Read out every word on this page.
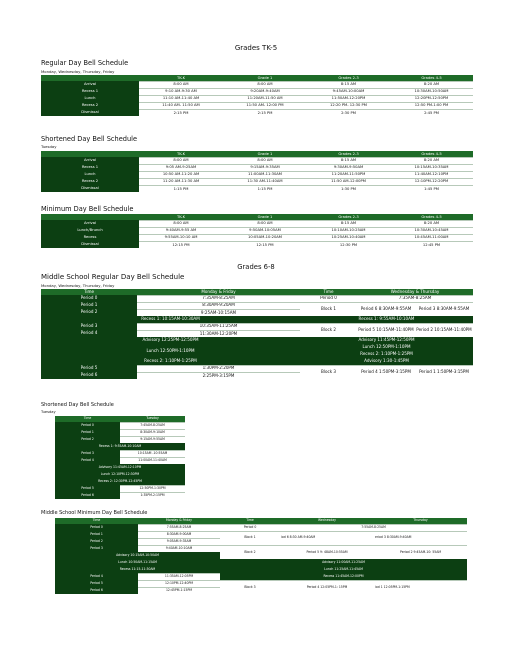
Grades TK-5
Regular Day Bell Schedule
Monday, Wednesday, Thursday, Friday
	TK-K	Grade 1	Grades 2-3	Grades 4-5
Arrival	8:00 AM	8:00 AM	8:15 AM	8:20 AM
Recess 1	9:10 AM-9:30 AM	9:20AM-9:40AM	9:45AM-10:00AM	10:30AM-10:50AM
Lunch	11:10 AM-11:40 AM	11:20AM-11:50 AM	11:50AM-12:20PM	12:20PM-12:50PM
Recess 2	11:40 AM- 11:50 AM	11:50 AM- 12:00 PM	12:20 PM- 12:30 PM	12:50 PM-1:00 PM
Dismissal	2:15 PM	2:15 PM	2:30 PM	2:45 PM
Shortened Day Bell Schedule
Tuesday
	TK-K	Grade 1	Grades 2-3	Grades 4-5
Arrival	8:00 AM	8:00 AM	8:15 AM	8:20 AM
Recess 1	9:05 AM-9:25AM	9:15AM-9:35AM	9:30AM-9:50AM	10:15AM-10:35AM
Lunch	10:50 AM-11:20 AM	11:00AM-11:30AM	11:20AM-11:50PM	11:40AM-12:10PM
Recess 2	11:20 AM-11:30 AM	11:30 AM-11:40AM	11:50 AM-12:00PM	12:10PM-12:20PM
Dismissal	1:15 PM	1:15 PM	1:30 PM	1:45 PM
Minimum Day Bell Schedule
	TK-K	Grade 1	Grades 2-3	Grades 4-5
Arrival	8:00 AM	8:00 AM	8:15 AM	8:20 AM
Lunch/Brunch	9:40AM-9:55 AM	9:50AM-10:05AM	10:10AM-10:25AM	10:30AM-10:45AM
Recess	9:55AM-10:10 AM	10:05AM-10:20AM	10:25AM-10:40AM	10:45AM-11:00AM
Dismissal	12:15 PM	12:15 PM	12:30 PM	12:45 PM
Grades 6-8
Middle School Regular Day Bell Schedule
Monday, Wednesday, Thursday, Friday
Time	Monday & Friday	Time	Wednesday & Thursday	
Period 0	7:35AM-8:25AM	Period 0	7:35AM-8:25AM	
Period 1	8:30AM-9:20AM	Block 1	Period 6 8:30AM-9:55AM	Period 3 8:30AM-9:55AM
Period 2	9:25AM-10:15AM			
Recess 1: 10:15AM-10:30AM		Recess 1: 9:55AM-10:10AM		
Period 3	10:35AM-11:25AM	Block 2	Period 5 10:15AM-11:40PM	Period 2 10:15AM-11:40PM
Period 4	11:30AM-12:20PM			
Advisory 12:25PM-12:50PM		Advisory 11:45PM-12:50PM		
Lunch 12:50PM-1:10PM		Lunch 12:50PM-1:10PM		
		Recess 2: 1:10PM-1:25PM		
Recess 2: 1:10PM-1:25PM		Advisory 1:30-1:45PM		
Period 5	1:30PM-2:20PM	Block 3	Period 4 1:50PM-3:15PM	Period 1 1:50PM-3:15PM
Period 6	2:25PM-3:15PM			
Shortened Day Bell Schedule
Tuesday
Time	Tuesday
Period 0	7:45AM-8:25AM
Period 1	8:30AM-9:10AM
Period 2	9:15AM-9:55AM
Recess 1: 9:55AM-10:10AM	
Period 3	10:15AM -10:55AM
Period 4	11:00AM-11:40AM
Advisory 11:45AM-12:10PM	
Lunch 12:10PM-12:30PM	
Recess 2: 12:30PM-12:45PM	
Period 5	12:50PM-1:30PM
Period 6	1:35PM-2:15PM
Middle School Minimum Day Bell Schedule
Time	Monday & Friday	Time	Wednesday	Thursday
Period 0	7:55AM-8:25AM	Period 0	7:55AM-8:25AM	
Period 1	8:30AM-9:00AM	Block 1	iod 6 8:30 AM-9:40AM	eriod 3 8:30AM-9:40AM
Period 2	9:05AM-9:35AM			
Period 3	9:40AM-10:10AM	Block 2	Period 5 9: 48AM-10:55AM	Period 2 9:45AM-10: 55AM
Advisory 10:15AM-10:50AM				
Lunch 10:50AM-11:15AM		Advisory 11:00AM-11:25AM		
Recess 11:15-11:30AM		Lunch 11:25AM-11:45AM		
Period 4	11:35AM-12:05PM	Recess 11:45AM-12:00PM		
Period 5	12:10PM-12:40PM	Block 3	Period 4 12:05PM-1: 15PM	iod 1 12:05PM-1:15PM
Period 6	12:45PM-1:15PM			
